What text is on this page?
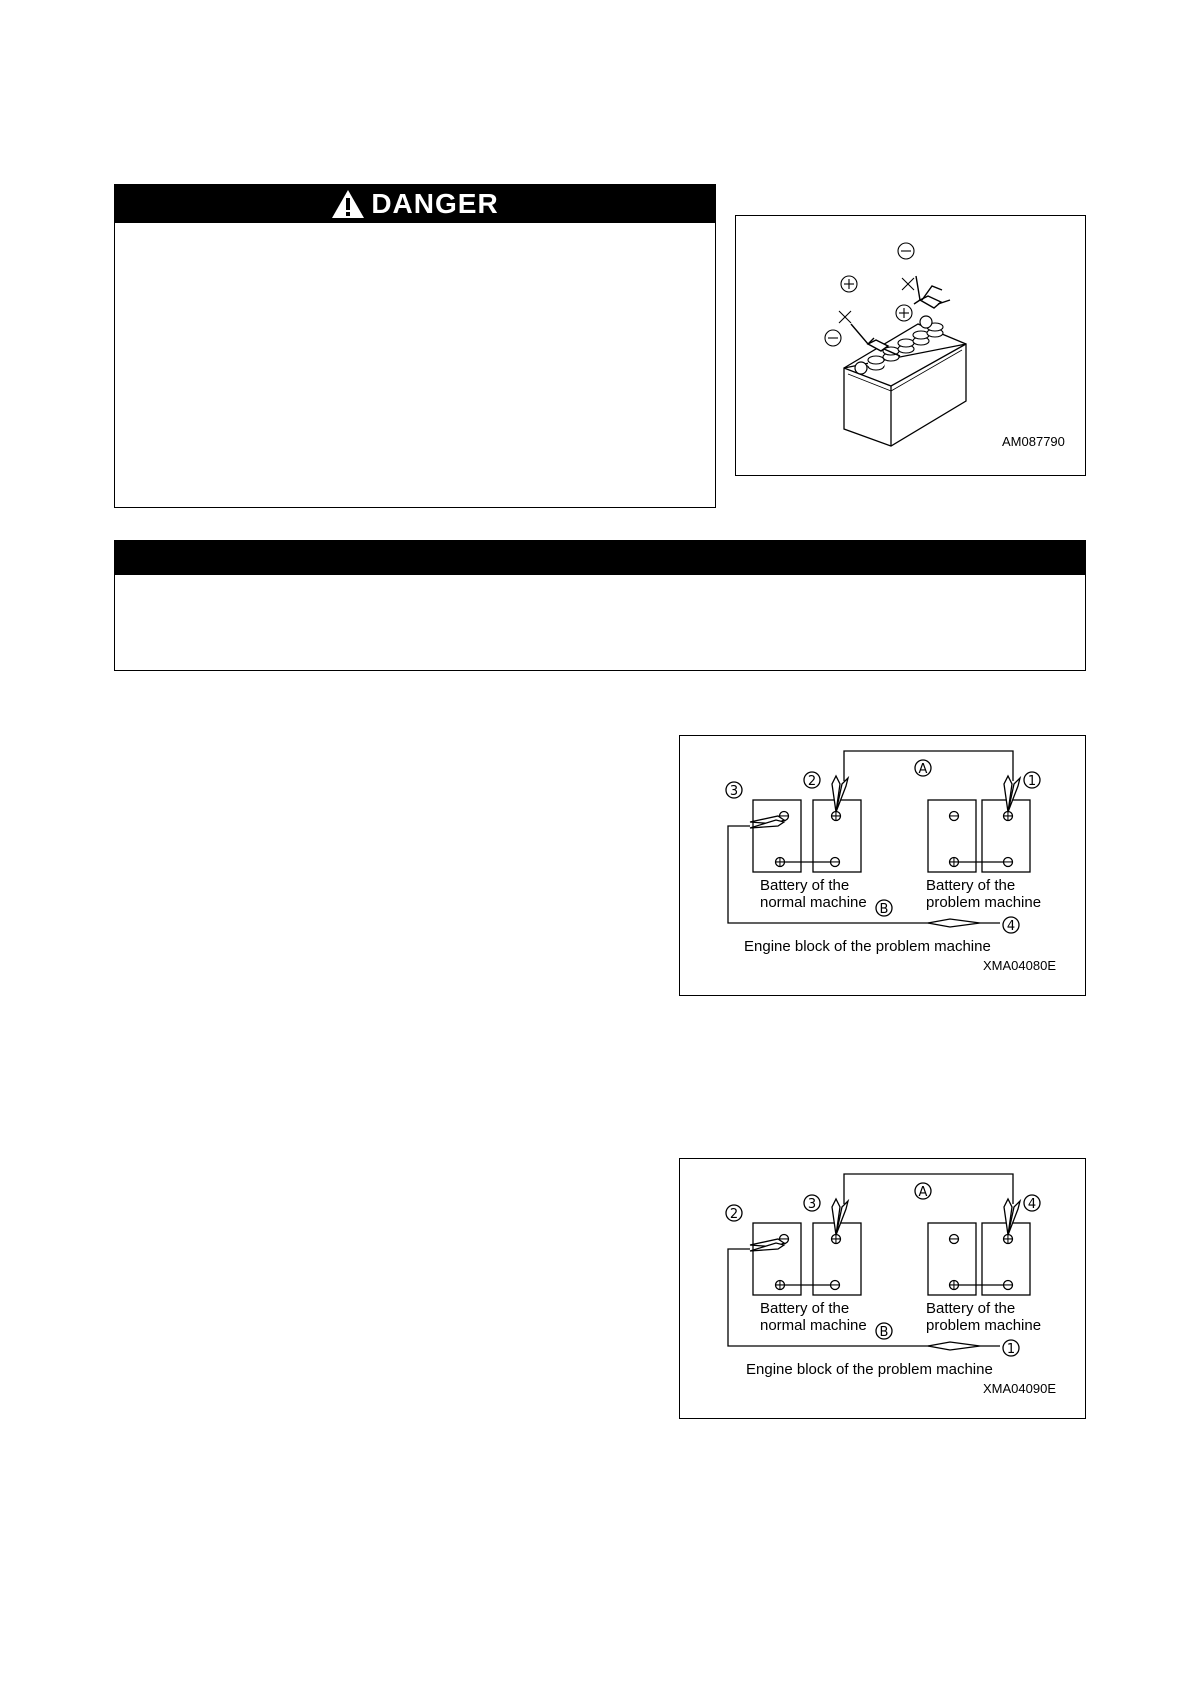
DANGER
AM087790
+	−	+	−
−	−	+
+
A
B
1
2
3
4
Battery of the
normal machine
Battery of the
problem machine
Engine block of the problem machine
XMA04080E
+	−	+	−
−	−	+
+
A
B
2
3	4
1
Battery of the
normal machine
Battery of the
problem machine
Engine block of the problem machine
XMA04090E
